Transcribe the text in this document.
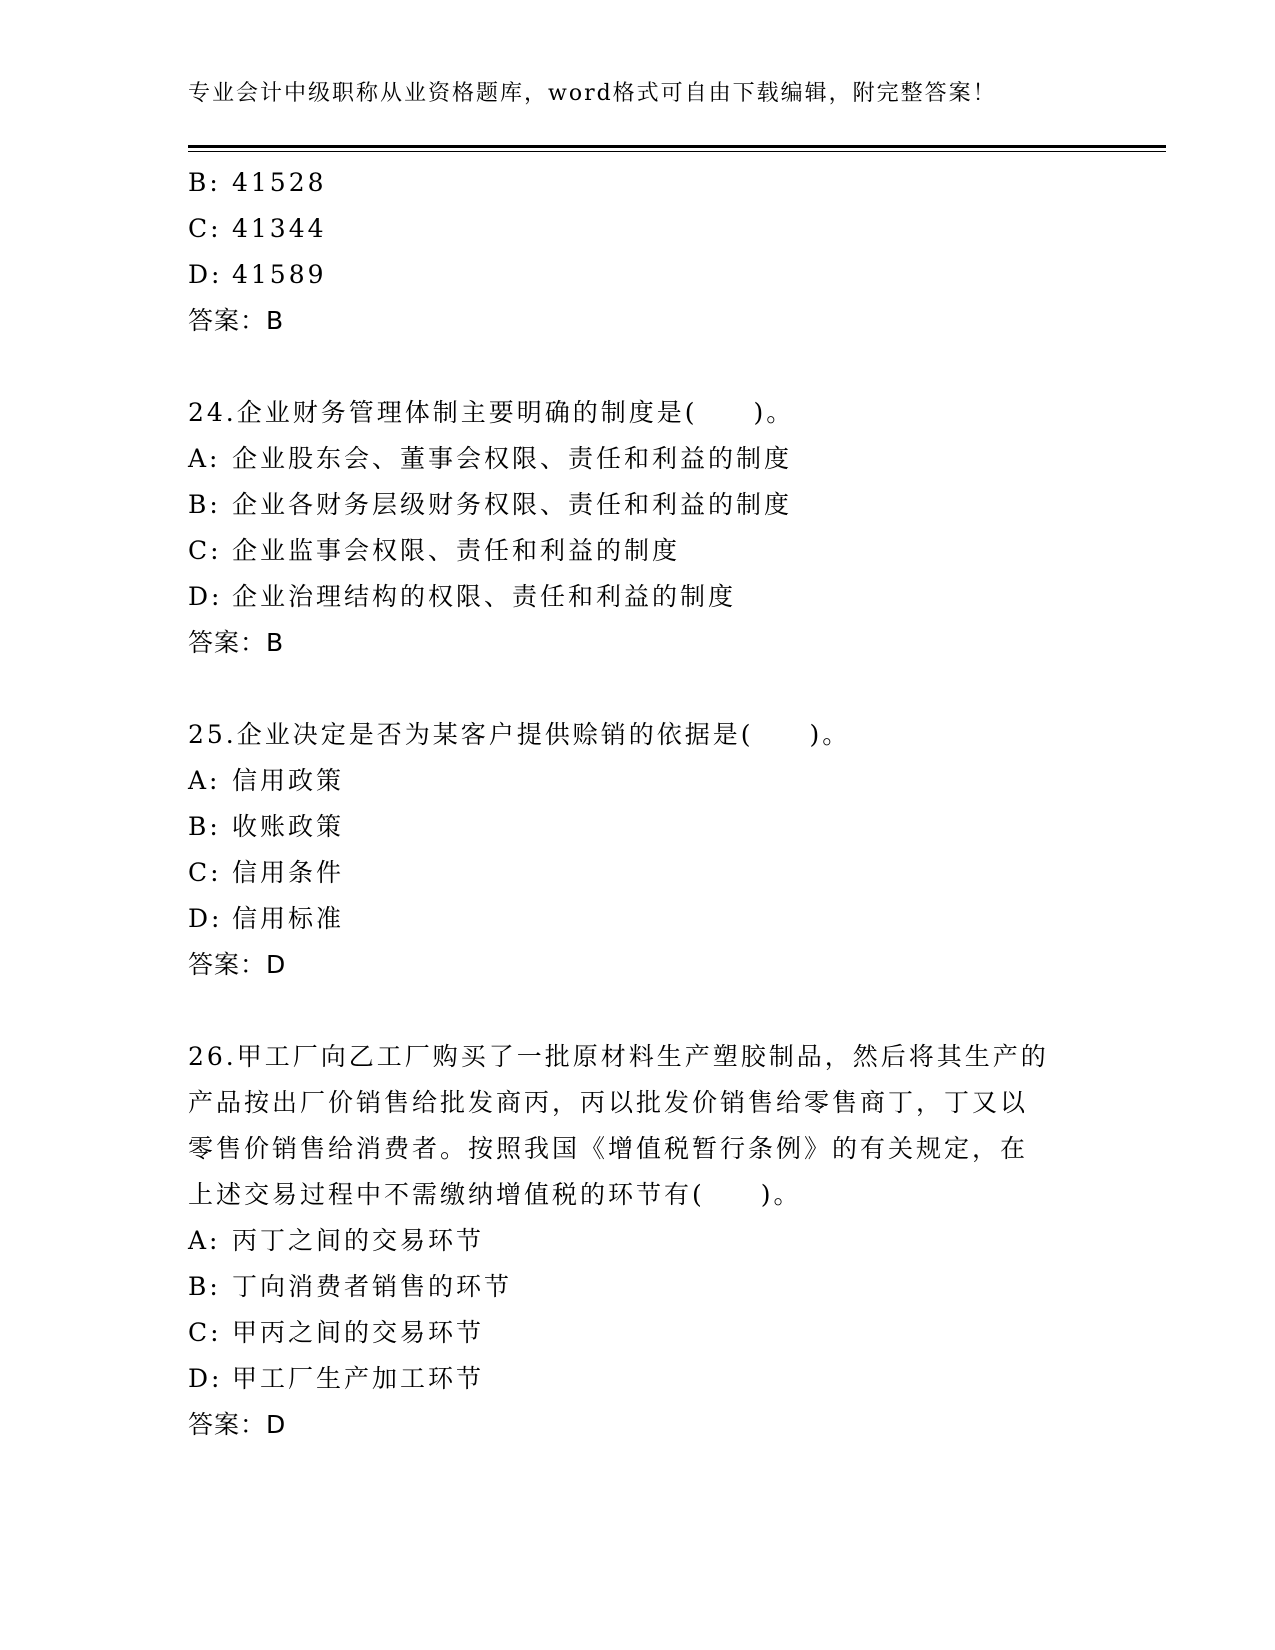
专业会计中级职称从业资格题库，word格式可自由下载编辑，附完整答案！
B: 41528
C: 41344
D: 41589
答案：B
24.企业财务管理体制主要明确的制度是(　　)。
A: 企业股东会、董事会权限、责任和利益的制度
B: 企业各财务层级财务权限、责任和利益的制度
C: 企业监事会权限、责任和利益的制度
D: 企业治理结构的权限、责任和利益的制度
答案：B
25.企业决定是否为某客户提供赊销的依据是(　　)。
A: 信用政策
B: 收账政策
C: 信用条件
D: 信用标准
答案：D
26.甲工厂向乙工厂购买了一批原材料生产塑胶制品，然后将其生产的
产品按出厂价销售给批发商丙，丙以批发价销售给零售商丁，丁又以
零售价销售给消费者。按照我国《增值税暂行条例》的有关规定，在
上述交易过程中不需缴纳增值税的环节有(　　)。
A: 丙丁之间的交易环节
B: 丁向消费者销售的环节
C: 甲丙之间的交易环节
D: 甲工厂生产加工环节
答案：D
